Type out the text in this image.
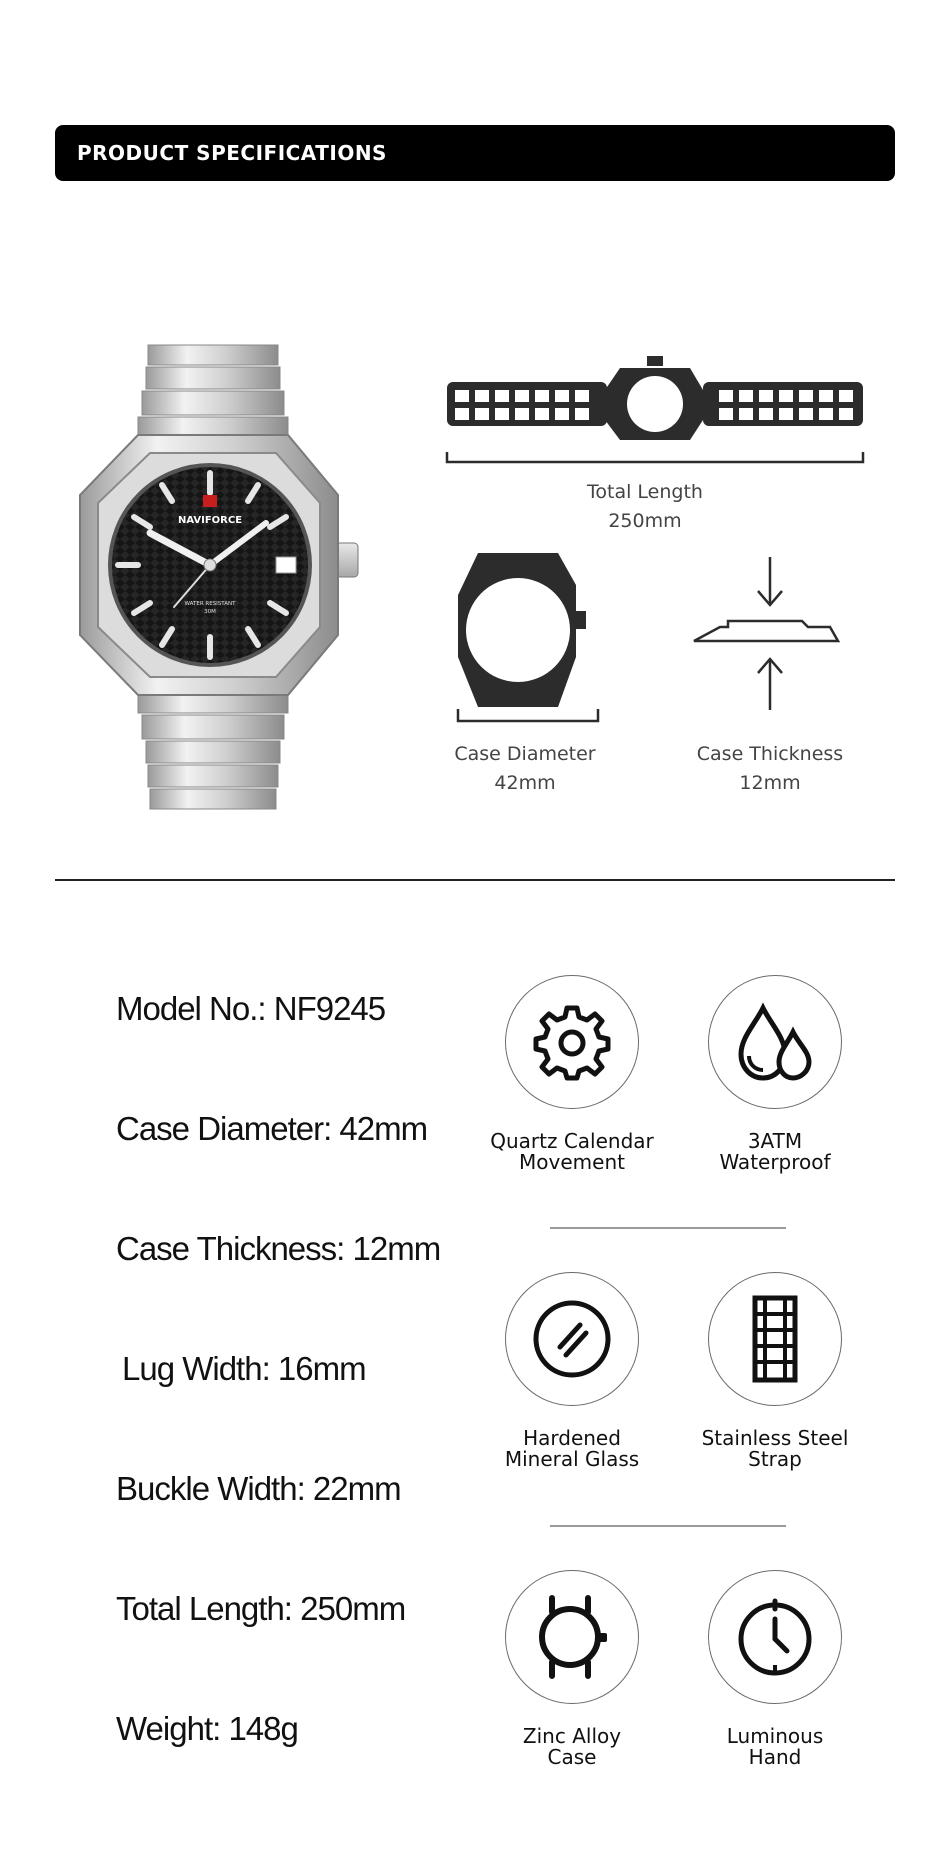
PRODUCT SPECIFICATIONS
NAVIFORCE
WATER RESISTANT
30M
Total Length
250mm
Case Diameter
42mm
Case Thickness
12mm
Model No.: NF9245
Case Diameter: 42mm
Case Thickness: 12mm
Lug Width: 16mm
Buckle Width: 22mm
Total Length: 250mm
Weight: 148g
Quartz Calendar
Movement
3ATM
Waterproof
Hardened
Mineral Glass
Stainless Steel
Strap
Zinc Alloy
Case
Luminous
Hand
